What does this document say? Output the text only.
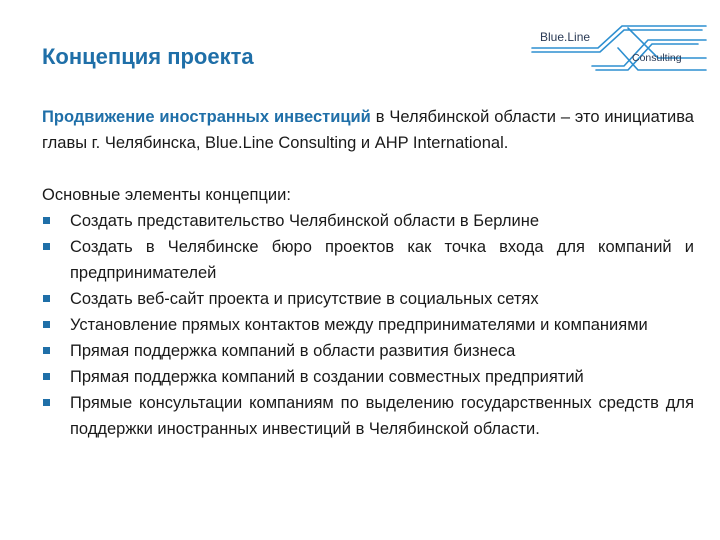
Концепция проекта
Blue.Line
Consulting

Продвижение иностранных инвестиций в Челябинской области – это инициатива главы г. Челябинска, Blue.Line Consulting и AHP International.

Основные элементы концепции:

Создать представительство Челябинской области в Берлине
Создать в Челябинске бюро проектов как точка входа для компаний и предпринимателей
Создать веб-сайт проекта и присутствие в социальных сетях
Установление прямых контактов между предпринимателями и компаниями
Прямая поддержка компаний в области развития бизнеса
Прямая поддержка компаний в создании совместных предприятий
Прямые консультации компаниям по выделению государственных средств для поддержки иностранных инвестиций в Челябинской области.
